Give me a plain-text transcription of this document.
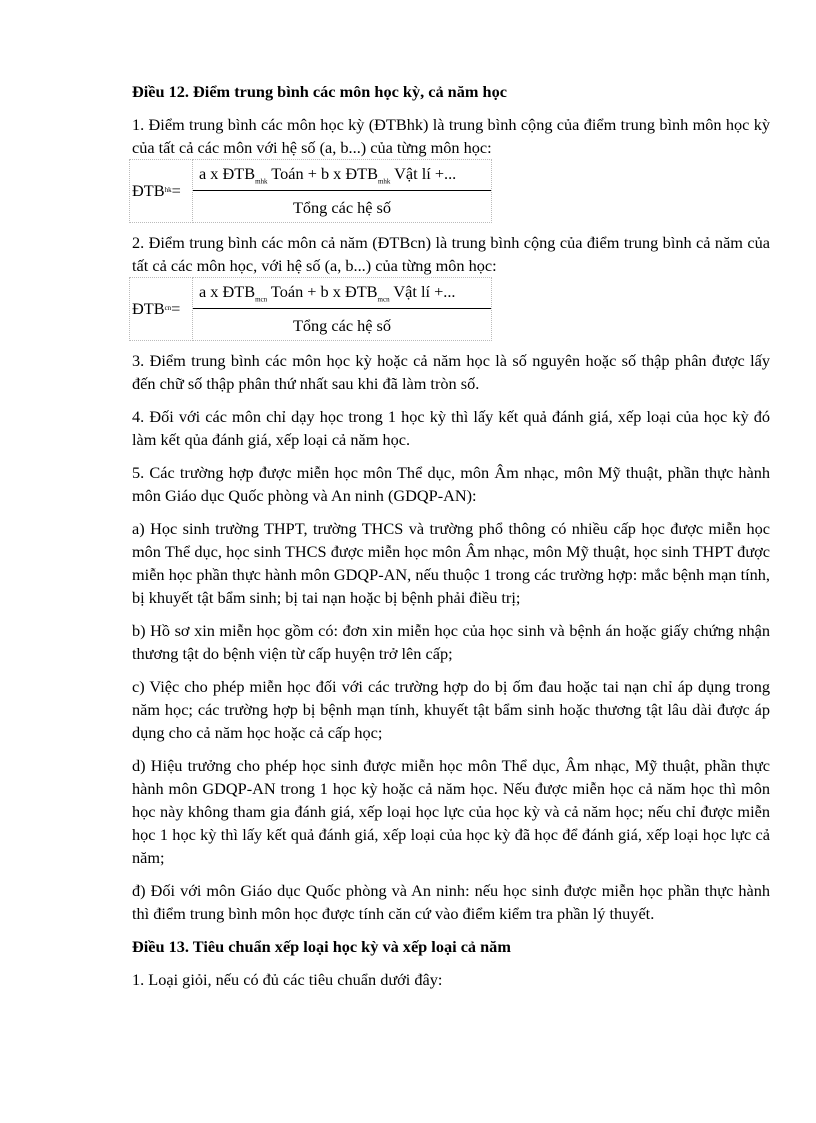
Điều 12. Điểm trung bình các môn học kỳ, cả năm học

1. Điểm trung bình các môn học kỳ (ĐTBhk) là trung bình cộng của điểm trung bình môn học kỳ của tất cả các môn với hệ số (a, b...) của từng môn học:

ĐTB hk = $\frac{a x ĐTB_{mhk} Toán + b x ĐTB_{mhk} Vật lí +...}{\text{Tổng các hệ số}}$

2. Điểm trung bình các môn cả năm (ĐTBcn) là trung bình cộng của điểm trung bình cả năm của tất cả các môn học, với hệ số (a, b...) của từng môn học:

ĐTB cn = $\frac{a x ĐTB_{mcn} Toán + b x ĐTB_{mcn} Vật lí +...}{\text{Tổng các hệ số}}$

3. Điểm trung bình các môn học kỳ hoặc cả năm học là số nguyên hoặc số thập phân được lấy đến chữ số thập phân thứ nhất sau khi đã làm tròn số.

4. Đối với các môn chỉ dạy học trong 1 học kỳ thì lấy kết quả đánh giá, xếp loại của học kỳ đó làm kết qủa đánh giá, xếp loại cả năm học.

5. Các trường hợp được miễn học môn Thể dục, môn Âm nhạc, môn Mỹ thuật, phần thực hành môn Giáo dục Quốc phòng và An ninh (GDQP-AN):

a) Học sinh trường THPT, trường THCS và trường phổ thông có nhiều cấp học được miễn học môn Thể dục, học sinh THCS được miễn học môn Âm nhạc, môn Mỹ thuật, học sinh THPT được miễn học phần thực hành môn GDQP-AN, nếu thuộc 1 trong các trường hợp: mắc bệnh mạn tính, bị khuyết tật bẩm sinh; bị tai nạn hoặc bị bệnh phải điều trị;

b) Hồ sơ xin miễn học gồm có: đơn xin miễn học của học sinh và bệnh án hoặc giấy chứng nhận thương tật do bệnh viện từ cấp huyện trở lên cấp;

c) Việc cho phép miễn học đối với các trường hợp do bị ốm đau hoặc tai nạn chỉ áp dụng trong năm học; các trường hợp bị bệnh mạn tính, khuyết tật bẩm sinh hoặc thương tật lâu dài được áp dụng cho cả năm học hoặc cả cấp học;

d) Hiệu trưởng cho phép học sinh được miễn học môn Thể dục, Âm nhạc, Mỹ thuật, phần thực hành môn GDQP-AN trong 1 học kỳ hoặc cả năm học. Nếu được miễn học cả năm học thì môn học này không tham gia đánh giá, xếp loại học lực của học kỳ và cả năm học; nếu chỉ được miễn học 1 học kỳ thì lấy kết quả đánh giá, xếp loại của học kỳ đã học để đánh giá, xếp loại học lực cả năm;

đ) Đối với môn Giáo dục Quốc phòng và An ninh: nếu học sinh được miễn học phần thực hành thì điểm trung bình môn học được tính căn cứ vào điểm kiểm tra phần lý thuyết.

Điều 13. Tiêu chuẩn xếp loại học kỳ và xếp loại cả năm

1. Loại giỏi, nếu có đủ các tiêu chuẩn dưới đây:
